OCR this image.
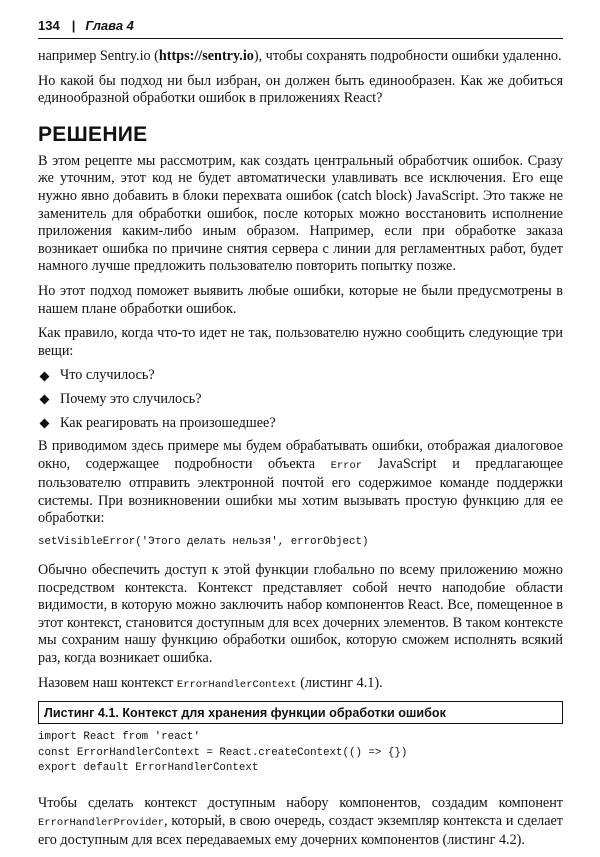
134 | Глава 4

например Sentry.io (https://sentry.io), чтобы сохранять подробности ошибки удаленно.

Но какой бы подход ни был избран, он должен быть единообразен. Как же добиться единообразной обработки ошибок в приложениях React?

РЕШЕНИЕ

В этом рецепте мы рассмотрим, как создать центральный обработчик ошибок. Сразу же уточним, этот код не будет автоматически улавливать все исключения. Его еще нужно явно добавить в блоки перехвата ошибок (catch block) JavaScript. Это также не заменитель для обработки ошибок, после которых можно восстановить исполнение приложения каким-либо иным образом. Например, если при обработке заказа возникает ошибка по причине снятия сервера с линии для регламентных работ, будет намного лучше предложить пользователю повторить попытку позже.

Но этот подход поможет выявить любые ошибки, которые не были предусмотрены в нашем плане обработки ошибок.

Как правило, когда что-то идет не так, пользователю нужно сообщить следующие три вещи:

Что случилось?
Почему это случилось?
Как реагировать на произошедшее?

В приводимом здесь примере мы будем обрабатывать ошибки, отображая диалоговое окно, содержащее подробности объекта Error JavaScript и предлагающее пользователю отправить электронной почтой его содержимое команде поддержки системы. При возникновении ошибки мы хотим вызывать простую функцию для ее обработки:

setVisibleError('Этого делать нельзя', errorObject)

Обычно обеспечить доступ к этой функции глобально по всему приложению можно посредством контекста. Контекст представляет собой нечто наподобие области видимости, в которую можно заключить набор компонентов React. Все, помещенное в этот контекст, становится доступным для всех дочерних элементов. В таком контексте мы сохраним нашу функцию обработки ошибок, которую сможем исполнять всякий раз, когда возникает ошибка.

Назовем наш контекст ErrorHandlerContext (листинг 4.1).

Листинг 4.1. Контекст для хранения функции обработки ошибок
import React from 'react'
const ErrorHandlerContext = React.createContext(() => {})
export default ErrorHandlerContext

Чтобы сделать контекст доступным набору компонентов, создадим компонент ErrorHandlerProvider, который, в свою очередь, создаст экземпляр контекста и сделает его доступным для всех передаваемых ему дочерних компонентов (листинг 4.2).
